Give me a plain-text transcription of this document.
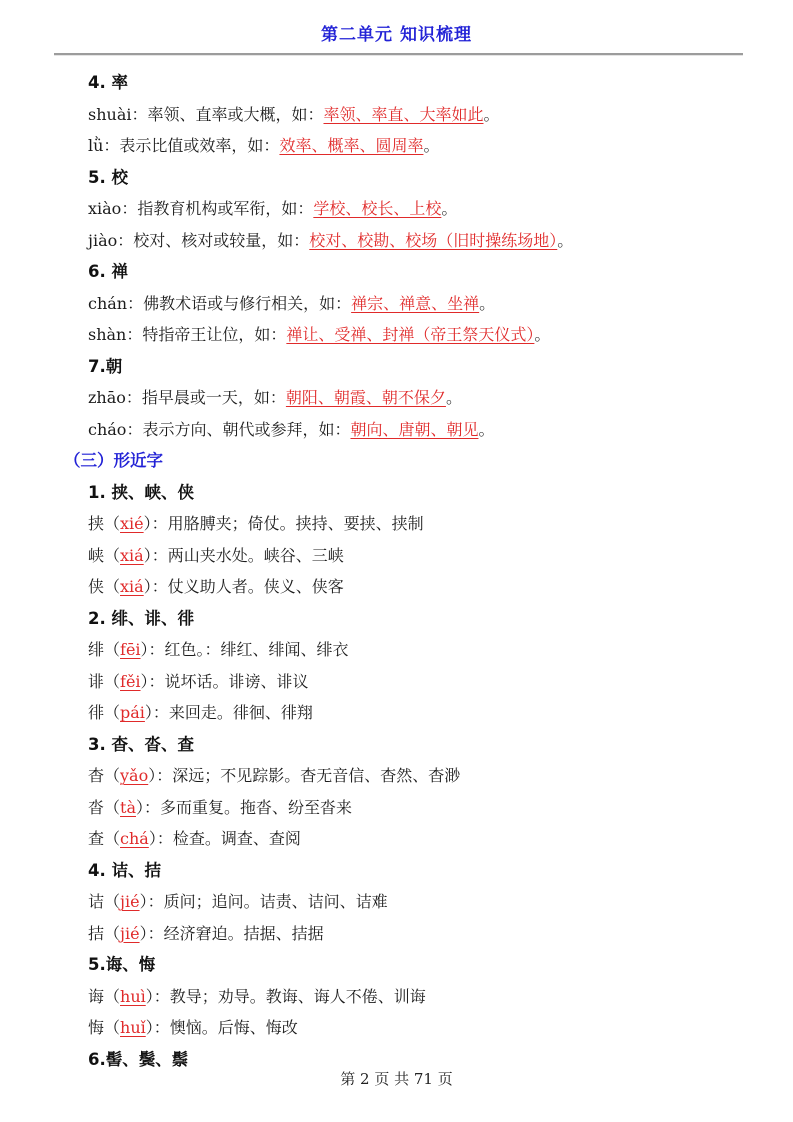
第二单元 知识梳理
4. 率
shuài：率领、直率或大概，如：率领、率直、大率如此。
lǜ：表示比值或效率，如：效率、概率、圆周率。
5. 校
xiào：指教育机构或军衔，如：学校、校长、上校。
jiào：校对、核对或较量，如：校对、校勘、校场（旧时操练场地）。
6. 禅
chán：佛教术语或与修行相关，如：禅宗、禅意、坐禅。
shàn：特指帝王让位，如：禅让、受禅、封禅（帝王祭天仪式）。
7.朝
zhāo：指早晨或一天，如：朝阳、朝霞、朝不保夕。
cháo：表示方向、朝代或参拜，如：朝向、唐朝、朝见。
（三）形近字
1. 挟、峡、侠
挟（xié）：用胳膊夹；倚仗。挟持、要挟、挟制
峡（xiá）：两山夹水处。峡谷、三峡
侠（xiá）：仗义助人者。侠义、侠客
2. 绯、诽、徘
绯（fēi）：红色。：绯红、绯闻、绯衣
诽（fěi）：说坏话。诽谤、诽议
徘（pái）：来回走。徘徊、徘翔
3. 杳、沓、查
杳（yǎo）：深远；不见踪影。杳无音信、杳然、杳渺
沓（tà）：多而重复。拖沓、纷至沓来
查（chá）：检查。调查、查阅
4. 诘、拮
诘（jié）：质问；追问。诘责、诘问、诘难
拮（jié）：经济窘迫。拮据、拮据
5.诲、悔
诲（huì）：教导；劝导。教诲、诲人不倦、训诲
悔（huǐ）：懊恼。后悔、悔改
6.髻、鬓、鬃
第 2 页 共 71 页
